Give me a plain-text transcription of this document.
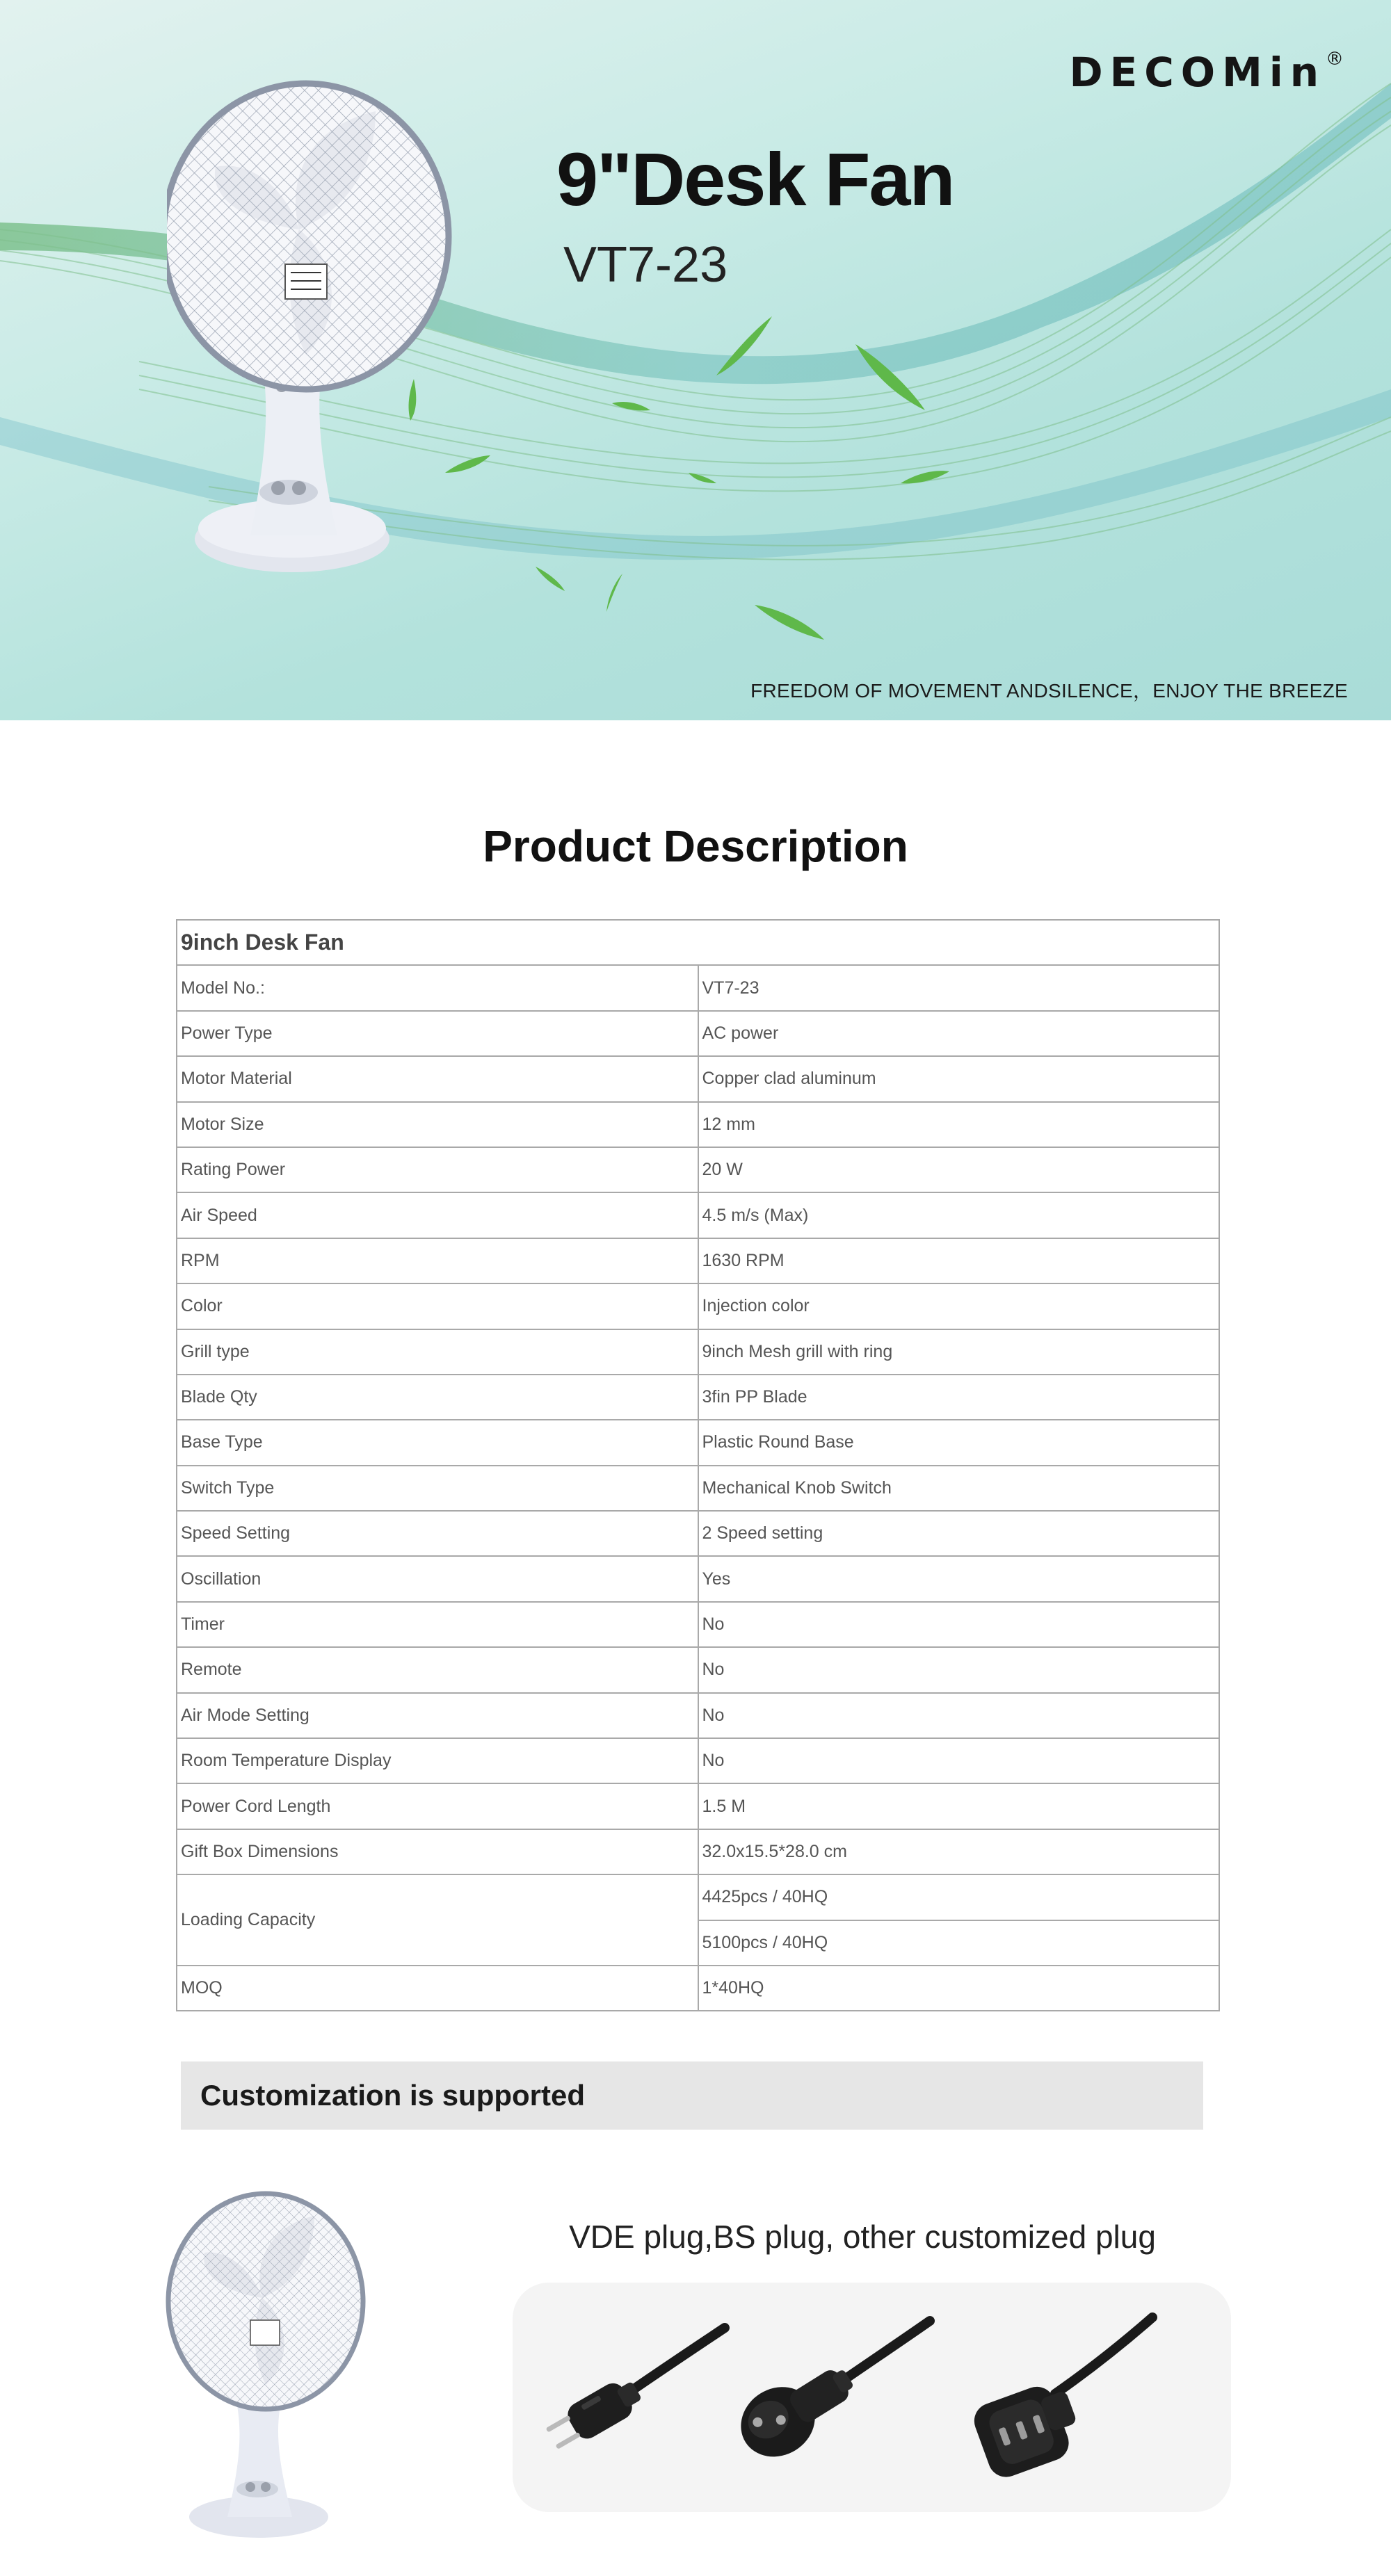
DECOMin®
9"Desk Fan
VT7-23
FREEDOM OF MOVEMENT ANDSILENCE，ENJOY THE BREEZE
Product Description
9inch Desk Fan	
Model No.:	VT7-23
Power Type	AC power
Motor Material	Copper clad aluminum
Motor Size	12 mm
Rating Power	20 W
Air Speed	4.5 m/s (Max)
RPM	1630 RPM
Color	Injection color
Grill type	9inch Mesh grill with ring
Blade Qty	3fin PP Blade
Base Type	Plastic Round Base
Switch Type	Mechanical Knob Switch
Speed Setting	2 Speed setting
Oscillation	Yes
Timer	No
Remote	No
Air Mode Setting	No
Room Temperature Display	No
Power Cord Length	1.5 M
Gift Box Dimensions	32.0x15.5*28.0 cm
Loading Capacity	4425pcs / 40HQ
	5100pcs / 40HQ
MOQ	1*40HQ
Customization is supported
VDE plug,BS plug, other customized plug
